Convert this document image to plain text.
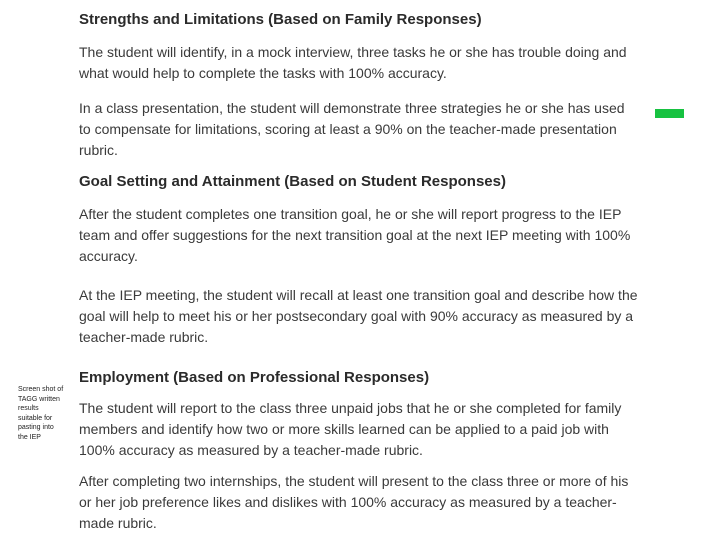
Strengths and Limitations (Based on Family Responses)

The student will identify, in a mock interview, three tasks he or she has trouble doing and what would help to complete the tasks with 100% accuracy.

In a class presentation, the student will demonstrate three strategies he or she has used to compensate for limitations, scoring at least a 90% on the teacher-made presentation rubric.

Goal Setting and Attainment (Based on Student Responses)

After the student completes one transition goal, he or she will report progress to the IEP team and offer suggestions for the next transition goal at the next IEP meeting with 100% accuracy.

At the IEP meeting, the student will recall at least one transition goal and describe how the goal will help to meet his or her postsecondary goal with 90% accuracy as measured by a teacher-made rubric.

Employment (Based on Professional Responses)

The student will report to the class three unpaid jobs that he or she completed for family members and identify how two or more skills learned can be applied to a paid job with 100% accuracy as measured by a teacher-made rubric.

After completing two internships, the student will present to the class three or more of his or her job preference likes and dislikes with 100% accuracy as measured by a teacher-made rubric.

Screen shot of TAGG written results suitable for pasting into the IEP
